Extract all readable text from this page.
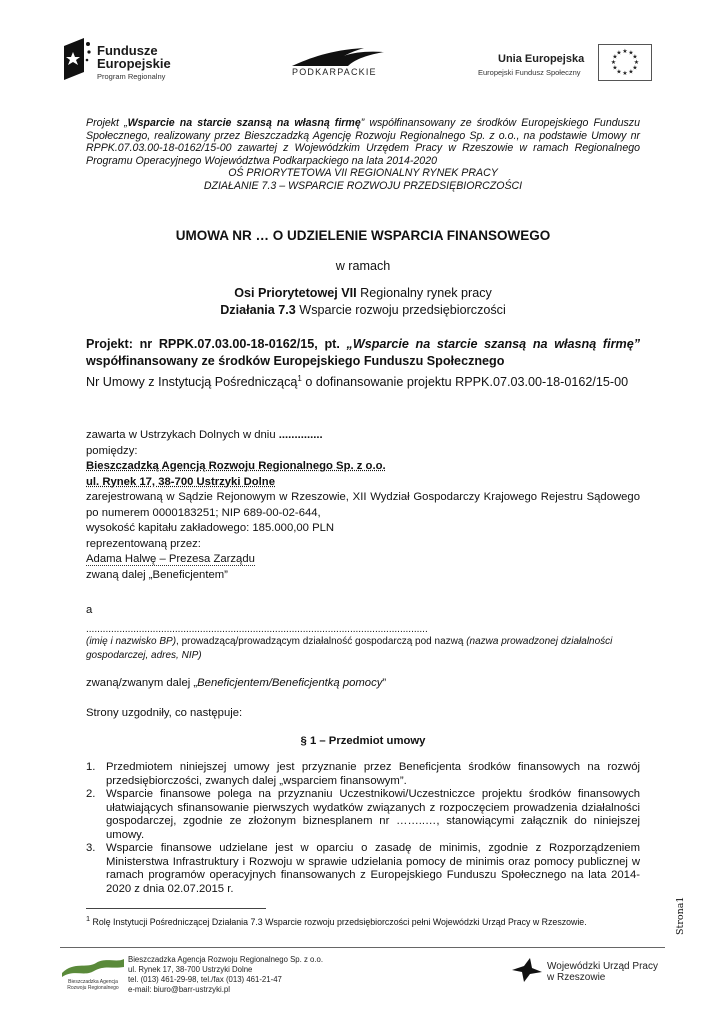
Fundusze
Europejskie
Program Regionalny	PODKARPACKIE
Unia Europejska
Europejski Fundusz Społeczny
★ ★
★
★
★
★
★
★
★
★
★
★
Projekt „Wsparcie na starcie szansą na własną firmę” współfinansowany ze środków Europejskiego Funduszu Społecznego, realizowany przez Bieszczadzką Agencję Rozwoju Regionalnego Sp. z o.o., na podstawie Umowy nr RPPK.07.03.00-18-0162/15-00 zawartej z Wojewódzkim Urzędem Pracy w Rzeszowie w ramach Regionalnego Programu Operacyjnego Województwa Podkarpackiego na lata 2014-2020
OŚ PRIORYTETOWA VII REGIONALNY RYNEK PRACY
DZIAŁANIE 7.3 – WSPARCIE ROZWOJU PRZEDSIĘBIORCZOŚCI
UMOWA NR … O UDZIELENIE WSPARCIA FINANSOWEGO
w ramach
Osi Priorytetowej VII Regionalny rynek pracy
Działania 7.3 Wsparcie rozwoju przedsiębiorczości
Projekt: nr RPPK.07.03.00-18-0162/15, pt. „Wsparcie na starcie szansą na własną firmę” współfinansowany ze środków Europejskiego Funduszu Społecznego
Nr Umowy z Instytucją Pośredniczącą$^1$ o dofinansowanie projektu RPPK.07.03.00-18-0162/15-00
zawarta w Ustrzykach Dolnych w dniu ..............
pomiędzy:
Bieszczadzką Agencją Rozwoju Regionalnego Sp. z o.o.
ul. Rynek 17, 38-700 Ustrzyki Dolne
zarejestrowaną w Sądzie Rejonowym w Rzeszowie, XII Wydział Gospodarczy Krajowego Rejestru Sądowego po numerem 0000183251; NIP 689-00-02-644,
wysokość kapitału zakładowego: 185.000,00 PLN
reprezentowaną przez:
Adama Halwę – Prezesa Zarządu
zwaną dalej „Beneficjentem”
a
...........................................................................................................................
(imię i nazwisko BP), prowadzącą/prowadzącym działalność gospodarczą pod nazwą (nazwa prowadzonej działalności gospodarczej, adres, NIP)
zwaną/zwanym dalej „Beneficjentem/Beneficjentką pomocy”
Strony uzgodniły, co następuje:
§ 1 – Przedmiot umowy
1. Przedmiotem niniejszej umowy jest przyznanie przez Beneficjenta środków finansowych na rozwój przedsiębiorczości, zwanych dalej „wsparciem finansowym”.
2. Wsparcie finansowe polega na przyznaniu Uczestnikowi/Uczestniczce projektu środków finansowych ułatwiających sfinansowanie pierwszych wydatków związanych z rozpoczęciem prowadzenia działalności gospodarczej, zgodnie ze złożonym biznesplanem nr ……..…, stanowiącymi załącznik do niniejszej umowy.
3. Wsparcie finansowe udzielane jest w oparciu o zasadę de minimis, zgodnie z Rozporządzeniem Ministerstwa Infrastruktury i Rozwoju w sprawie udzielania pomocy de minimis oraz pomocy publicznej w ramach programów operacyjnych finansowanych z Europejskiego Funduszu Społecznego na lata 2014-2020 z dnia 02.07.2015 r.
$^1$ Rolę Instytucji Pośredniczącej Działania 7.3 Wsparcie rozwoju przedsiębiorczości pełni Wojewódzki Urząd Pracy w Rzeszowie.	Strona1
Bieszczadzka Agencja
Rozwoju Regionalnego
Bieszczadzka Agencja Rozwoju Regionalnego Sp. z o.o.
ul. Rynek 17, 38-700 Ustrzyki Dolne
tel. (013) 461-29-98, tel./fax (013) 461-21-47
e-mail: biuro@barr-ustrzyki.pl
Wojewódzki Urząd Pracy
w Rzeszowie
